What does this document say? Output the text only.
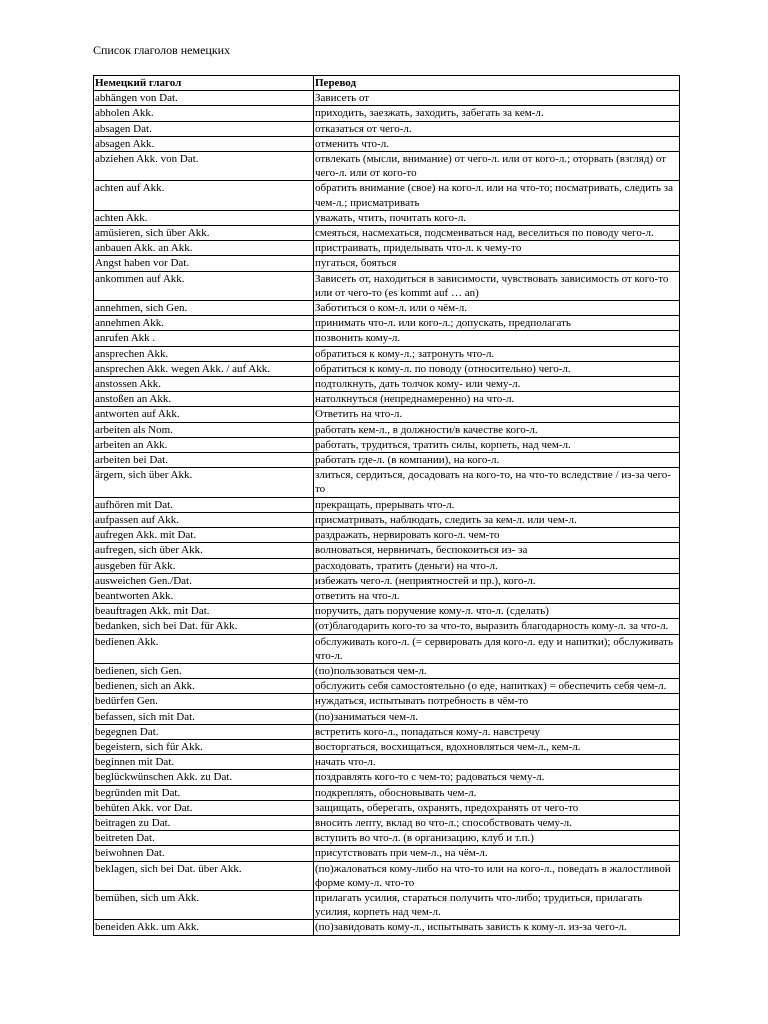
Список глаголов немецких
Немецкий глагол	Перевод
abhängen von Dat.	Зависеть от
abholen Akk.	приходить, заезжать, заходить, забегать за кем-л.
absagen Dat.	отказаться от чего-л.
absagen Akk.	отменить что-л.
abziehen Akk. von Dat.	отвлекать (мысли, внимание) от чего-л. или от кого-л.; оторвать (взгляд) от чего-л. или от кого-то
achten auf Akk.	обратить внимание (свое) на кого-л. или на что-то; посматривать, следить за чем-л.; присматривать
achten Akk.	уважать, чтить, почитать кого-л.
amüsieren, sich über Akk.	смеяться, насмехаться, подсмеиваться над, веселиться по поводу чего-л.
anbauen Akk. an Akk.	пристраивать, приделывать что-л. к чему-то
Angst haben vor Dat.	пугаться, бояться
ankommen auf Akk.	Зависеть от, находиться в зависимости, чувствовать зависимость от кого-то или от чего-то (es kommt auf … an)
annehmen, sich Gen.	Заботиться о ком-л. или о чём-л.
annehmen Akk.	принимать что-л. или кого-л.; допускать, предполагать
anrufen Akk .	позвонить кому-л.
ansprechen Akk.	обратиться к кому-л.; затронуть что-л.
ansprechen Akk. wegen Akk. / auf Akk.	обратиться к кому-л. по поводу (относительно) чего-л.
anstossen Akk.	подтолкнуть, дать толчок кому- или чему-л.
anstoßen an Akk.	натолкнуться (непреднамеренно) на что-л.
antworten auf Akk.	Ответить на что-л.
arbeiten als Nom.	работать кем-л., в должности/в качестве кого-л.
arbeiten an Akk.	работать, трудиться, тратить силы, корпеть, над чем-л.
arbeiten bei Dat.	работать где-л. (в компании), на кого-л.
ärgern, sich über Akk.	злиться, сердиться, досадовать на кого-то, на что-то вследствие / из-за чего-то
aufhören mit Dat.	прекращать, прерывать что-л.
aufpassen auf Akk.	присматривать, наблюдать, следить за кем-л. или чем-л.
aufregen Akk. mit Dat.	раздражать, нервировать кого-л. чем-то
aufregen, sich über Akk.	волноваться, нервничать, беспокоиться из- за
ausgeben für Akk.	расходовать, тратить (деньги) на что-л.
ausweichen Gen./Dat.	избежать чего-л. (неприятностей и пр.), кого-л.
beantworten Akk.	ответить на что-л.
beauftragen Akk. mit Dat.	поручить, дать поручение кому-л. что-л. (сделать)
bedanken, sich bei Dat. für Akk.	(от)благодарить кого-то за что-то, выразить благодарность кому-л. за что-л.
bedienen Akk.	обслуживать кого-л. (= сервировать для кого-л. еду и напитки); обслуживать что-л.
bedienen, sich Gen.	(по)пользоваться чем-л.
bedienen, sich an Akk.	обслужить себя самостоятельно (о еде, напитках) = обеспечить себя чем-л.
bedürfen Gen.	нуждаться, испытывать потребность в чём-то
befassen, sich mit Dat.	(по)заниматься чем-л.
begegnen Dat.	встретить кого-л., попадаться кому-л. навстречу
begeistern, sich für Akk.	восторгаться, восхищаться, вдохновляться чем-л., кем-л.
beginnen mit Dat.	начать что-л.
beglückwünschen Akk. zu Dat.	поздравлять кого-то с чем-то; радоваться чему-л.
begründen mit Dat.	подкреплять, обосновывать чем-л.
behüten Akk. vor Dat.	защищать, оберегать, охранять, предохранять от чего-то
beitragen zu Dat.	вносить лепту, вклад во что-л.; способствовать чему-л.
beitreten Dat.	вступить во что-л. (в организацию, клуб и т.п.)
beiwohnen Dat.	присутствовать при чем-л., на чём-л.
beklagen, sich bei Dat. über Akk.	(по)жаловаться кому-либо на что-то или на кого-л., поведать в жалостливой форме кому-л. что-то
bemühen, sich um Akk.	прилагать усилия, стараться получить что-либо; трудиться, прилагать усилия, корпеть над чем-л.
beneiden Akk. um Akk.	(по)завидовать кому-л., испытывать зависть к кому-л. из-за чего-л.
